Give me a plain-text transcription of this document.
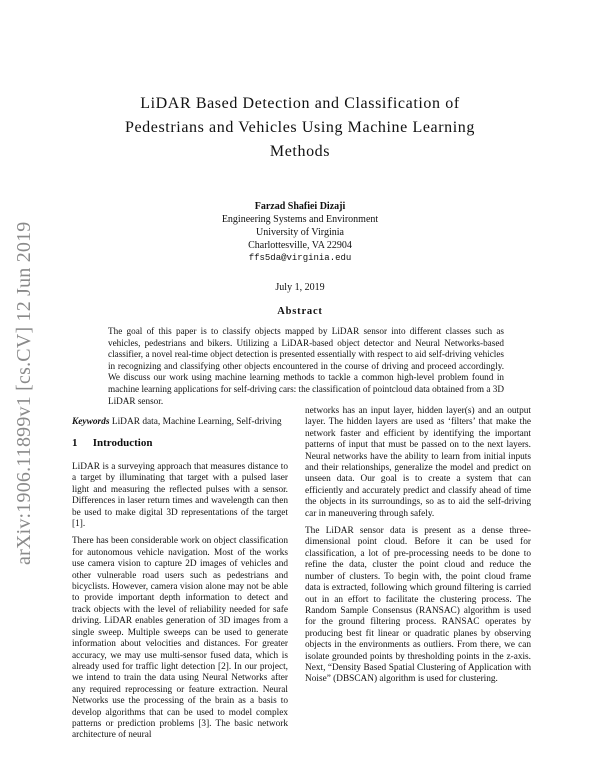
arXiv:1906.11899v1 [cs.CV] 12 Jun 2019
LiDAR Based Detection and Classification of
Pedestrians and Vehicles Using Machine Learning
Methods
Farzad Shafiei Dizaji
Engineering Systems and Environment
University of Virginia
Charlottesville, VA 22904
ffs5da@virginia.edu
July 1, 2019
Abstract
The goal of this paper is to classify objects mapped by LiDAR sensor into different classes such as vehicles, pedestrians and bikers. Utilizing a LiDAR-based object detector and Neural Networks-based classifier, a novel real-time object detection is presented essentially with respect to aid self-driving vehicles in recognizing and classifying other objects encountered in the course of driving and proceed accordingly. We discuss our work using machine learning methods to tackle a common high-level problem found in machine learning applications for self-driving cars: the classification of pointcloud data obtained from a 3D LiDAR sensor.
Keywords LiDAR data, Machine Learning, Self-driving
1 Introduction

LiDAR is a surveying approach that measures distance to a target by illuminating that target with a pulsed laser light and measuring the reflected pulses with a sensor. Differences in laser return times and wavelength can then be used to make digital 3D representations of the target [1].

There has been considerable work on object classification for autonomous vehicle navigation. Most of the works use camera vision to capture 2D images of vehicles and other vulnerable road users such as pedestrians and bicyclists. However, camera vision alone may not be able to provide important depth information to detect and track objects with the level of reliability needed for safe driving. LiDAR enables generation of 3D images from a single sweep. Multiple sweeps can be used to generate information about velocities and distances. For greater accuracy, we may use multi-sensor fused data, which is already used for traffic light detection [2]. In our project, we intend to train the data using Neural Networks after any required reprocessing or feature extraction. Neural Networks use the processing of the brain as a basis to develop algorithms that can be used to model complex patterns or prediction problems [3]. The basic network architecture of neural

networks has an input layer, hidden layer(s) and an output layer. The hidden layers are used as ‘filters’ that make the network faster and efficient by identifying the important patterns of input that must be passed on to the next layers. Neural networks have the ability to learn from initial inputs and their relationships, generalize the model and predict on unseen data. Our goal is to create a system that can efficiently and accurately predict and classify ahead of time the objects in its surroundings, so as to aid the self-driving car in maneuvering through safely.

The LiDAR sensor data is present as a dense three-dimensional point cloud. Before it can be used for classification, a lot of pre-processing needs to be done to refine the data, cluster the point cloud and reduce the number of clusters. To begin with, the point cloud frame data is extracted, following which ground filtering is carried out in an effort to facilitate the clustering process. The Random Sample Consensus (RANSAC) algorithm is used for the ground filtering process. RANSAC operates by producing best fit linear or quadratic planes by observing objects in the environments as outliers. From there, we can isolate grounded points by thresholding points in the z-axis. Next, “Density Based Spatial Clustering of Application with Noise” (DBSCAN) algorithm is used for clustering.
